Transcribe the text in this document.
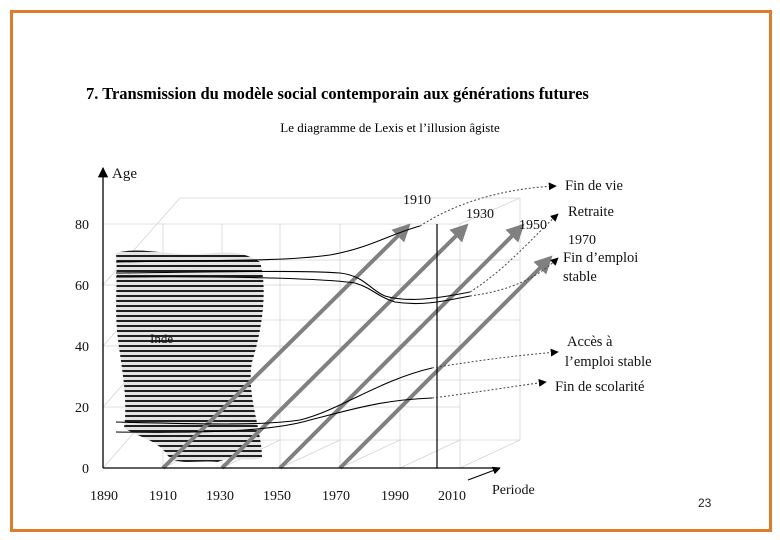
7. Transmission du modèle social contemporain aux générations futures
Le diagramme de Lexis et l’illusion âgiste
23
Inde
Age
Periode
0
20
40
60
80
1890 1910 1930 1950 1970 1990 2010
1910
1930
1950
1970
Fin de vie
Retraite
Fin d’emploi
stable
Accès à
l’emploi stable
Fin de scolarité
